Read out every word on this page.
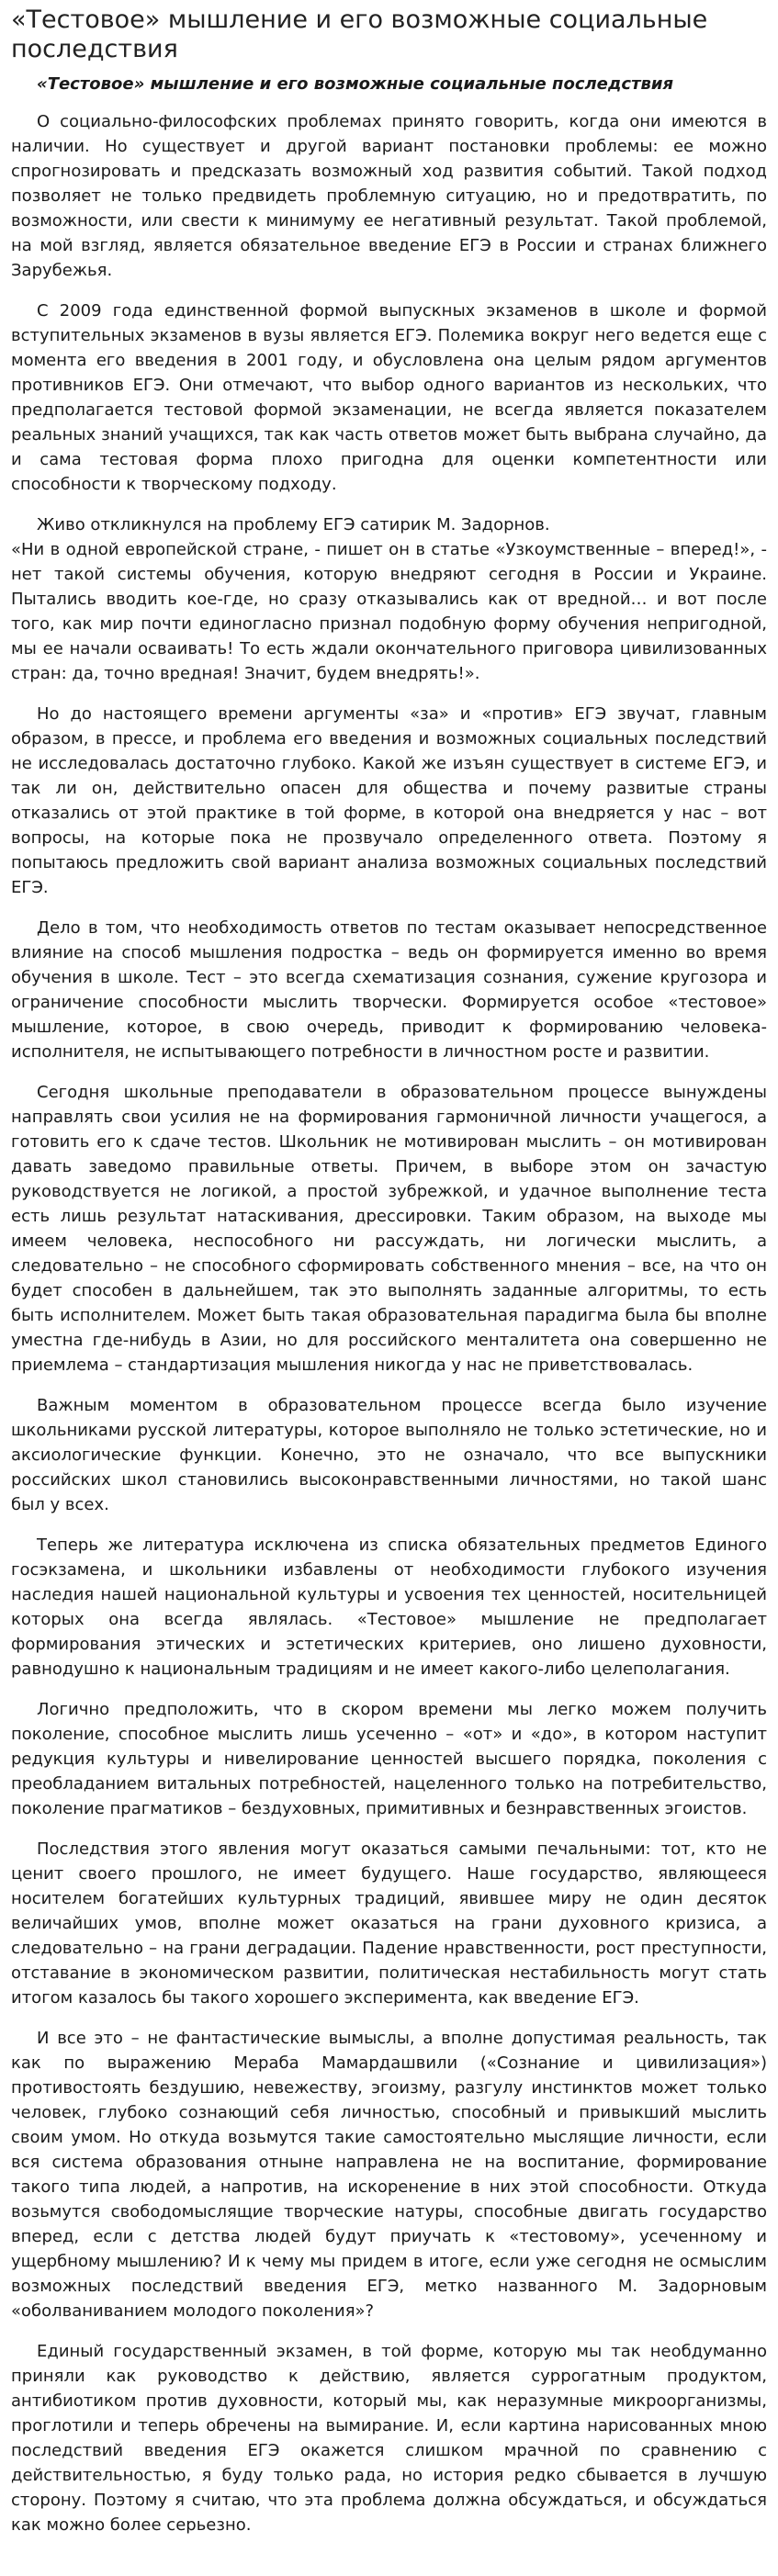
«Тестовое» мышление и его возможные социальные последствия
«Тестовое» мышление и его возможные социальные последствия

О социально-философских проблемах принято говорить, когда они имеются в наличии. Но существует и другой вариант постановки проблемы: ее можно спрогнозировать и предсказать возможный ход развития событий. Такой подход позволяет не только предвидеть проблемную ситуацию, но и предотвратить, по возможности, или свести к минимуму ее негативный результат. Такой проблемой, на мой взгляд, является обязательное введение ЕГЭ в России и странах ближнего Зарубежья.

С 2009 года единственной формой выпускных экзаменов в школе и формой вступительных экзаменов в вузы является ЕГЭ. Полемика вокруг него ведется еще с момента его введения в 2001 году, и обусловлена она целым рядом аргументов противников ЕГЭ. Они отмечают, что выбор одного вариантов из нескольких, что предполагается тестовой формой экзаменации, не всегда является показателем реальных знаний учащихся, так как часть ответов может быть выбрана случайно, да и сама тестовая форма плохо пригодна для оценки компетентности или способности к творческому подходу.

Живо откликнулся на проблему ЕГЭ сатирик М. Задорнов.

«Ни в одной европейской стране, - пишет он в статье «Узкоумственные – вперед!», - нет такой системы обучения, которую внедряют сегодня в России и Украине. Пытались вводить кое-где, но сразу отказывались как от вредной… и вот после того, как мир почти единогласно признал подобную форму обучения непригодной, мы ее начали осваивать! То есть ждали окончательного приговора цивилизованных стран: да, точно вредная! Значит, будем внедрять!».

Но до настоящего времени аргументы «за» и «против» ЕГЭ звучат, главным образом, в прессе, и проблема его введения и возможных социальных последствий не исследовалась достаточно глубоко. Какой же изъян существует в системе ЕГЭ, и так ли он, действительно опасен для общества и почему развитые страны отказались от этой практике в той форме, в которой она внедряется у нас – вот вопросы, на которые пока не прозвучало определенного ответа. Поэтому я попытаюсь предложить свой вариант анализа возможных социальных последствий ЕГЭ.

Дело в том, что необходимость ответов по тестам оказывает непосредственное влияние на способ мышления подростка – ведь он формируется именно во время обучения в школе. Тест – это всегда схематизация сознания, сужение кругозора и ограничение способности мыслить творчески. Формируется особое «тестовое» мышление, которое, в свою очередь, приводит к формированию человека-исполнителя, не испытывающего потребности в личностном росте и развитии.

Сегодня школьные преподаватели в образовательном процессе вынуждены направлять свои усилия не на формирования гармоничной личности учащегося, а готовить его к сдаче тестов. Школьник не мотивирован мыслить – он мотивирован давать заведомо правильные ответы. Причем, в выборе этом он зачастую руководствуется не логикой, а простой зубрежкой, и удачное выполнение теста есть лишь результат натаскивания, дрессировки. Таким образом, на выходе мы имеем человека, неспособного ни рассуждать, ни логически мыслить, а следовательно – не способного сформировать собственного мнения – все, на что он будет способен в дальнейшем, так это выполнять заданные алгоритмы, то есть быть исполнителем. Может быть такая образовательная парадигма была бы вполне уместна где-нибудь в Азии, но для российского менталитета она совершенно не приемлема – стандартизация мышления никогда у нас не приветствовалась.

Важным моментом в образовательном процессе всегда было изучение школьниками русской литературы, которое выполняло не только эстетические, но и аксиологические функции. Конечно, это не означало, что все выпускники российских школ становились высоконравственными личностями, но такой шанс был у всех.

Теперь же литература исключена из списка обязательных предметов Единого госэкзамена, и школьники избавлены от необходимости глубокого изучения наследия нашей национальной культуры и усвоения тех ценностей, носительницей которых она всегда являлась. «Тестовое» мышление не предполагает формирования этических и эстетических критериев, оно лишено духовности, равнодушно к национальным традициям и не имеет какого-либо целеполагания.

Логично предположить, что в скором времени мы легко можем получить поколение, способное мыслить лишь усеченно – «от» и «до», в котором наступит редукция культуры и нивелирование ценностей высшего порядка, поколения с преобладанием витальных потребностей, нацеленного только на потребительство, поколение прагматиков – бездуховных, примитивных и безнравственных эгоистов.

Последствия этого явления могут оказаться самыми печальными: тот, кто не ценит своего прошлого, не имеет будущего. Наше государство, являющееся носителем богатейших культурных традиций, явившее миру не один десяток величайших умов, вполне может оказаться на грани духовного кризиса, а следовательно – на грани деградации. Падение нравственности, рост преступности, отставание в экономическом развитии, политическая нестабильность могут стать итогом казалось бы такого хорошего эксперимента, как введение ЕГЭ.

И все это – не фантастические вымыслы, а вполне допустимая реальность, так как по выражению Мераба Мамардашвили («Сознание и цивилизация») противостоять бездушию, невежеству, эгоизму, разгулу инстинктов может только человек, глубоко сознающий себя личностью, способный и привыкший мыслить своим умом. Но откуда возьмутся такие самостоятельно мыслящие личности, если вся система образования отныне направлена не на воспитание, формирование такого типа людей, а напротив, на искоренение в них этой способности. Откуда возьмутся свободомыслящие творческие натуры, способные двигать государство вперед, если с детства людей будут приучать к «тестовому», усеченному и ущербному мышлению? И к чему мы придем в итоге, если уже сегодня не осмыслим возможных последствий введения ЕГЭ, метко названного М. Задорновым «оболваниванием молодого поколения»?

Единый государственный экзамен, в той форме, которую мы так необдуманно приняли как руководство к действию, является суррогатным продуктом, антибиотиком против духовности, который мы, как неразумные микроорганизмы, проглотили и теперь обречены на вымирание. И, если картина нарисованных мною последствий введения ЕГЭ окажется слишком мрачной по сравнению с действительностью, я буду только рада, но история редко сбывается в лучшую сторону. Поэтому я считаю, что эта проблема должна обсуждаться, и обсуждаться как можно более серьезно.
